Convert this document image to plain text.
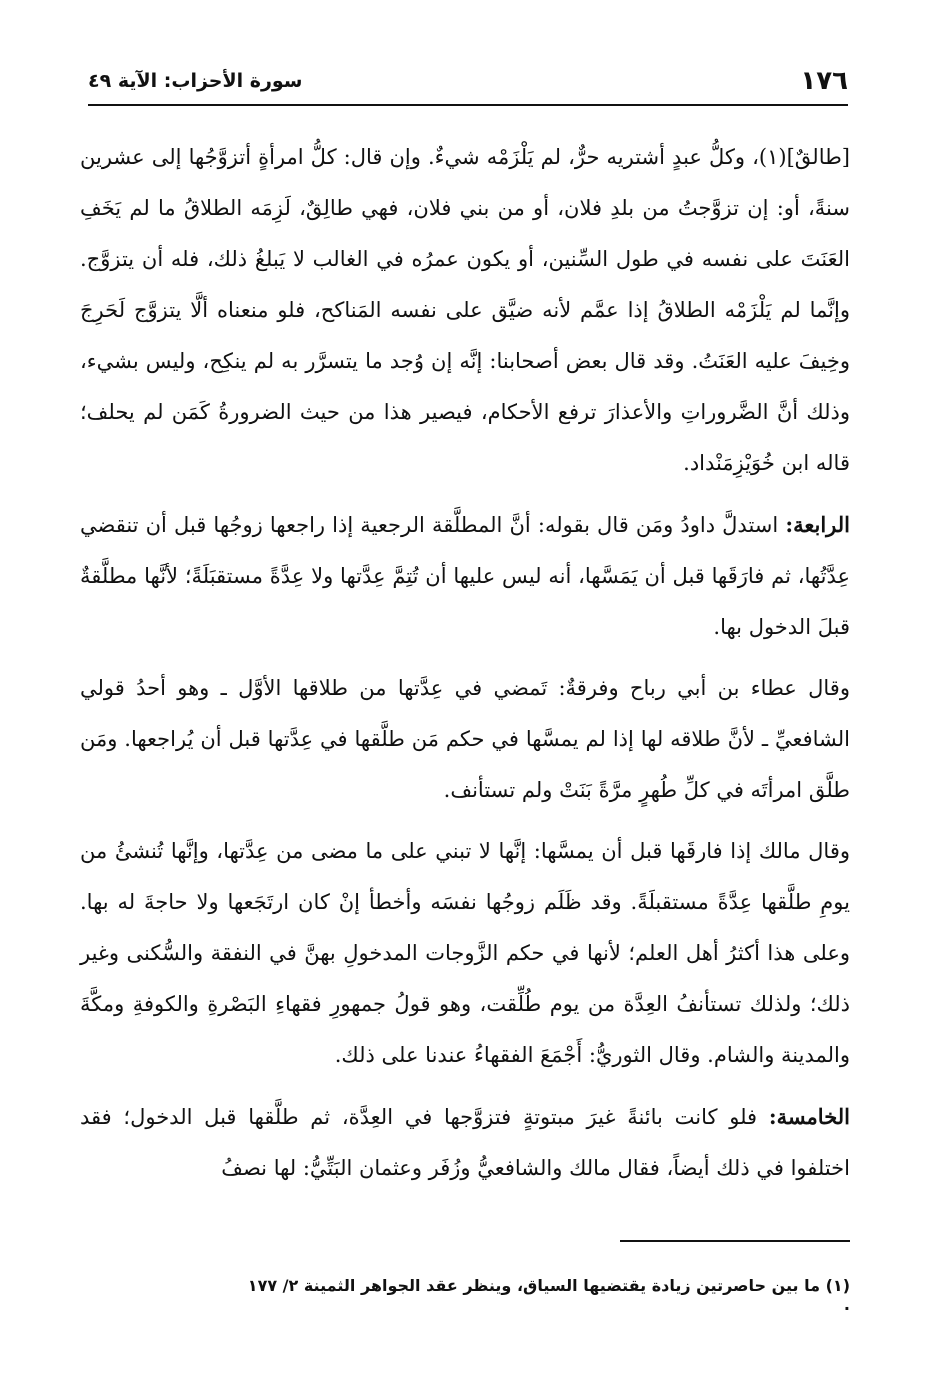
١٧٦
سورة الأحزاب: الآية ٤٩

[طالقٌ](١)، وكلُّ عبدٍ أشتريه حرٌّ، لم يَلْزَمْه شيءٌ. وإن قال: كلُّ امرأةٍ أتزوَّجُها إلى عشرين سنةً، أو: إن تزوَّجتُ من بلدِ فلان، أو من بني فلان، فهي طالِقٌ، لَزِمَه الطلاقُ ما لم يَخَفِ العَنَتَ على نفسه في طول السِّنين، أو يكون عمرُه في الغالب لا يَبلغُ ذلك، فله أن يتزوَّج. وإنَّما لم يَلْزَمْه الطلاقُ إذا عمَّم لأنه ضيَّق على نفسه المَناكح، فلو منعناه ألَّا يتزوَّج لَحَرِجَ وخِيفَ عليه العَنَتُ. وقد قال بعض أصحابنا: إنَّه إن وُجد ما يتسرَّر به لم ينكِح، وليس بشيء، وذلك أنَّ الضَّروراتِ والأعذارَ ترفع الأحكام، فيصير هذا من حيث الضرورةُ كَمَن لم يحلف؛ قاله ابن خُوَيْزِمَنْداد.

الرابعة: استدلَّ داودُ ومَن قال بقوله: أنَّ المطلَّقة الرجعية إذا راجعها زوجُها قبل أن تنقضي عِدَّتُها، ثم فارَقَها قبل أن يَمَسَّها، أنه ليس عليها أن تُتِمَّ عِدَّتها ولا عِدَّةً مستقبَلَةً؛ لأنَّها مطلَّقةٌ قبلَ الدخول بها.

وقال عطاء بن أبي رباح وفرقةٌ: تَمضي في عِدَّتها من طلاقها الأوَّل ـ وهو أحدُ قولي الشافعيِّ ـ لأنَّ طلاقه لها إذا لم يمسَّها في حكم مَن طلَّقها في عِدَّتها قبل أن يُراجعها. ومَن طلَّق امرأتَه في كلِّ طُهرٍ مرَّةً بَنَتْ ولم تستأنف.

وقال مالك إذا فارقَها قبل أن يمسَّها: إنَّها لا تبني على ما مضى من عِدَّتها، وإنَّها تُنشئُ من يومِ طلَّقها عِدَّةً مستقبلَةً. وقد ظَلَم زوجُها نفسَه وأخطأ إنْ كان ارتَجَعها ولا حاجةَ له بها. وعلى هذا أكثرُ أهل العلم؛ لأنها في حكم الزَّوجات المدخولِ بهنَّ في النفقة والسُّكنى وغير ذلك؛ ولذلك تستأنفُ العِدَّة من يوم طُلِّقت، وهو قولُ جمهورِ فقهاءِ البَصْرةِ والكوفةِ ومكَّةَ والمدينة والشام. وقال الثوريُّ: أَجْمَعَ الفقهاءُ عندنا على ذلك.

الخامسة: فلو كانت بائنةً غيرَ مبتوتةٍ فتزوَّجها في العِدَّة، ثم طلَّقها قبل الدخول؛ فقد اختلفوا في ذلك أيضاً، فقال مالك والشافعيُّ وزُفَر وعثمان البَتِّيُّ: لها نصفُ

(١) ما بين حاصرتين زيادة يقتضيها السياق، وينظر عقد الجواهر الثمينة ٢/ ١٧٧ .
